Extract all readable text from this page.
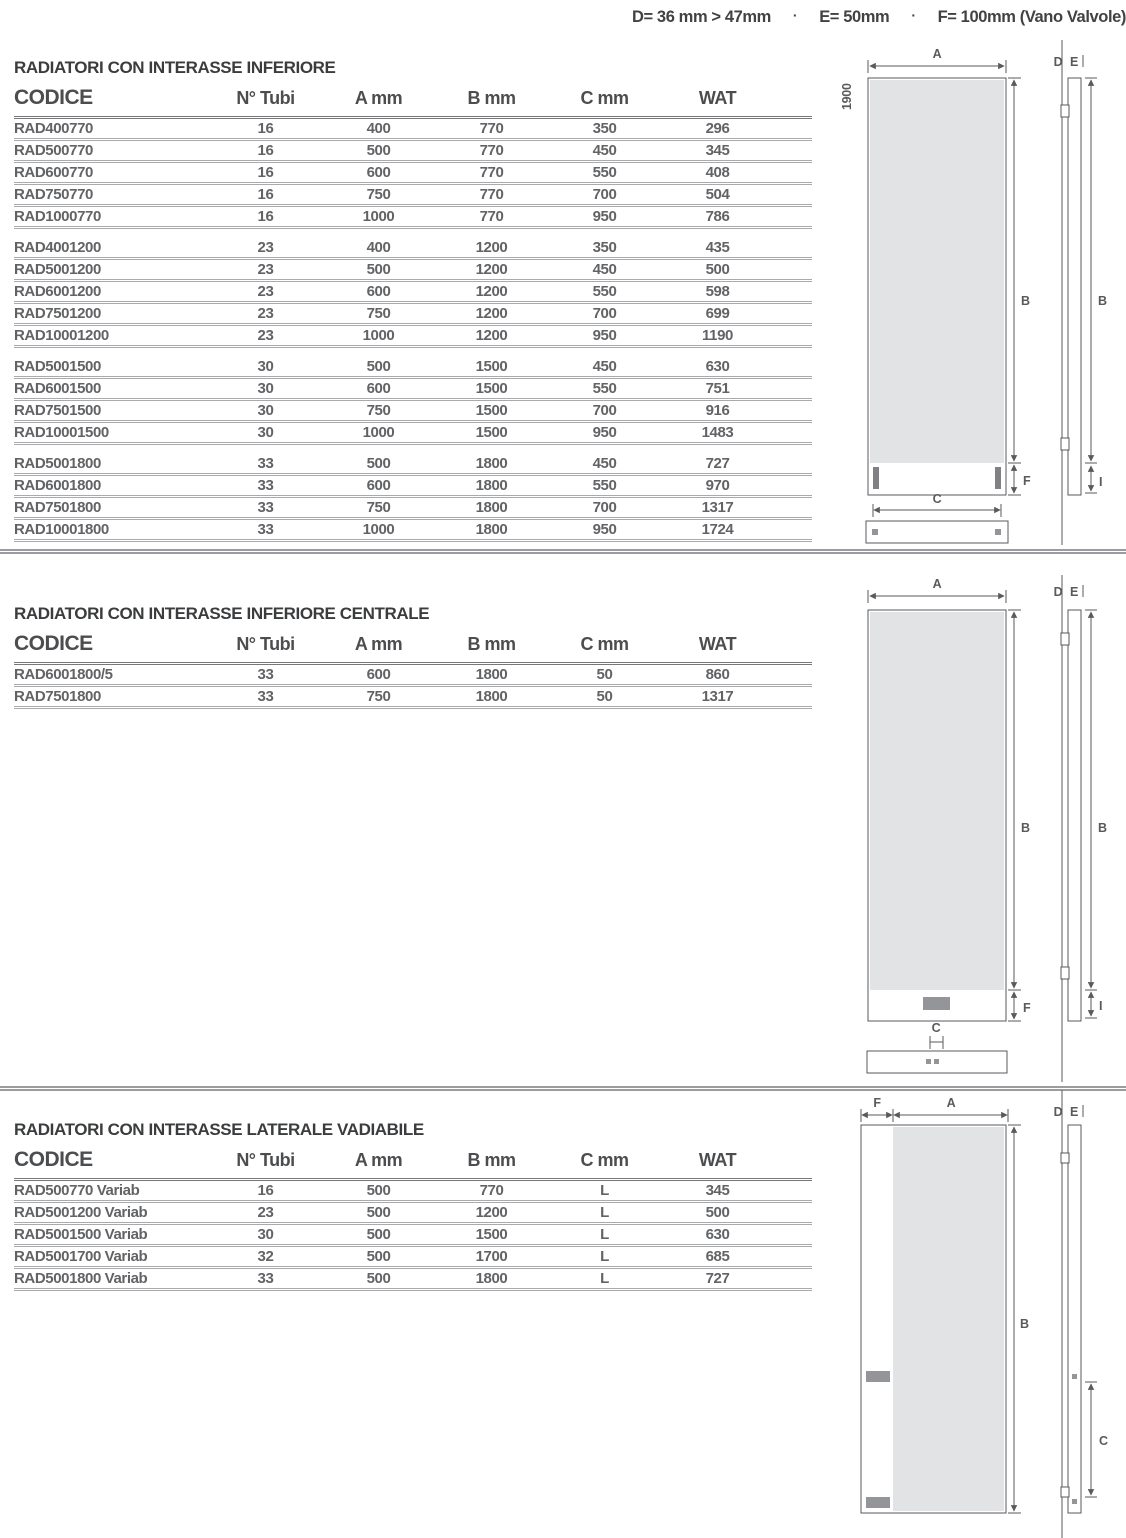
D= 36 mm > 47mm · E= 50mm · F= 100mm (Vano Valvole)
RADIATORI CON INTERASSE INFERIORE
CODICE	N° Tubi	A mm	B mm	C mm	WAT	
RAD400770	16	400	770	350	296	
RAD500770	16	500	770	450	345	
RAD600770	16	600	770	550	408	
RAD750770	16	750	770	700	504	
RAD1000770	16	1000	770	950	786	
RAD4001200	23	400	1200	350	435	
RAD5001200	23	500	1200	450	500	
RAD6001200	23	600	1200	550	598	
RAD7501200	23	750	1200	700	699	
RAD10001200	23	1000	1200	950	1190	
RAD5001500	30	500	1500	450	630	
RAD6001500	30	600	1500	550	751	
RAD7501500	30	750	1500	700	916	
RAD10001500	30	1000	1500	950	1483	
RAD5001800	33	500	1800	450	727	
RAD6001800	33	600	1800	550	970	
RAD7501800	33	750	1800	700	1317	
RAD10001800	33	1000	1800	950	1724	
RADIATORI CON INTERASSE INFERIORE CENTRALE
CODICE	N° Tubi	A mm	B mm	C mm	WAT	
RAD6001800/5	33	600	1800	50	860	
RAD7501800	33	750	1800	50	1317	
RADIATORI CON INTERASSE LATERALE VADIABILE
CODICE	N° Tubi	A mm	B mm	C mm	WAT	
RAD500770 Variab	16	500	770	L	345	
RAD5001200 Variab	23	500	1200	L	500	
RAD5001500 Variab	30	500	1500	L	630	
RAD5001700 Variab	32	500	1700	L	685	
RAD5001800 Variab	33	500	1800	L	727	
A
1900
B
F
C
D E
B
I
A
B
F
C
D E
B
I
F	A
B
D E
C
